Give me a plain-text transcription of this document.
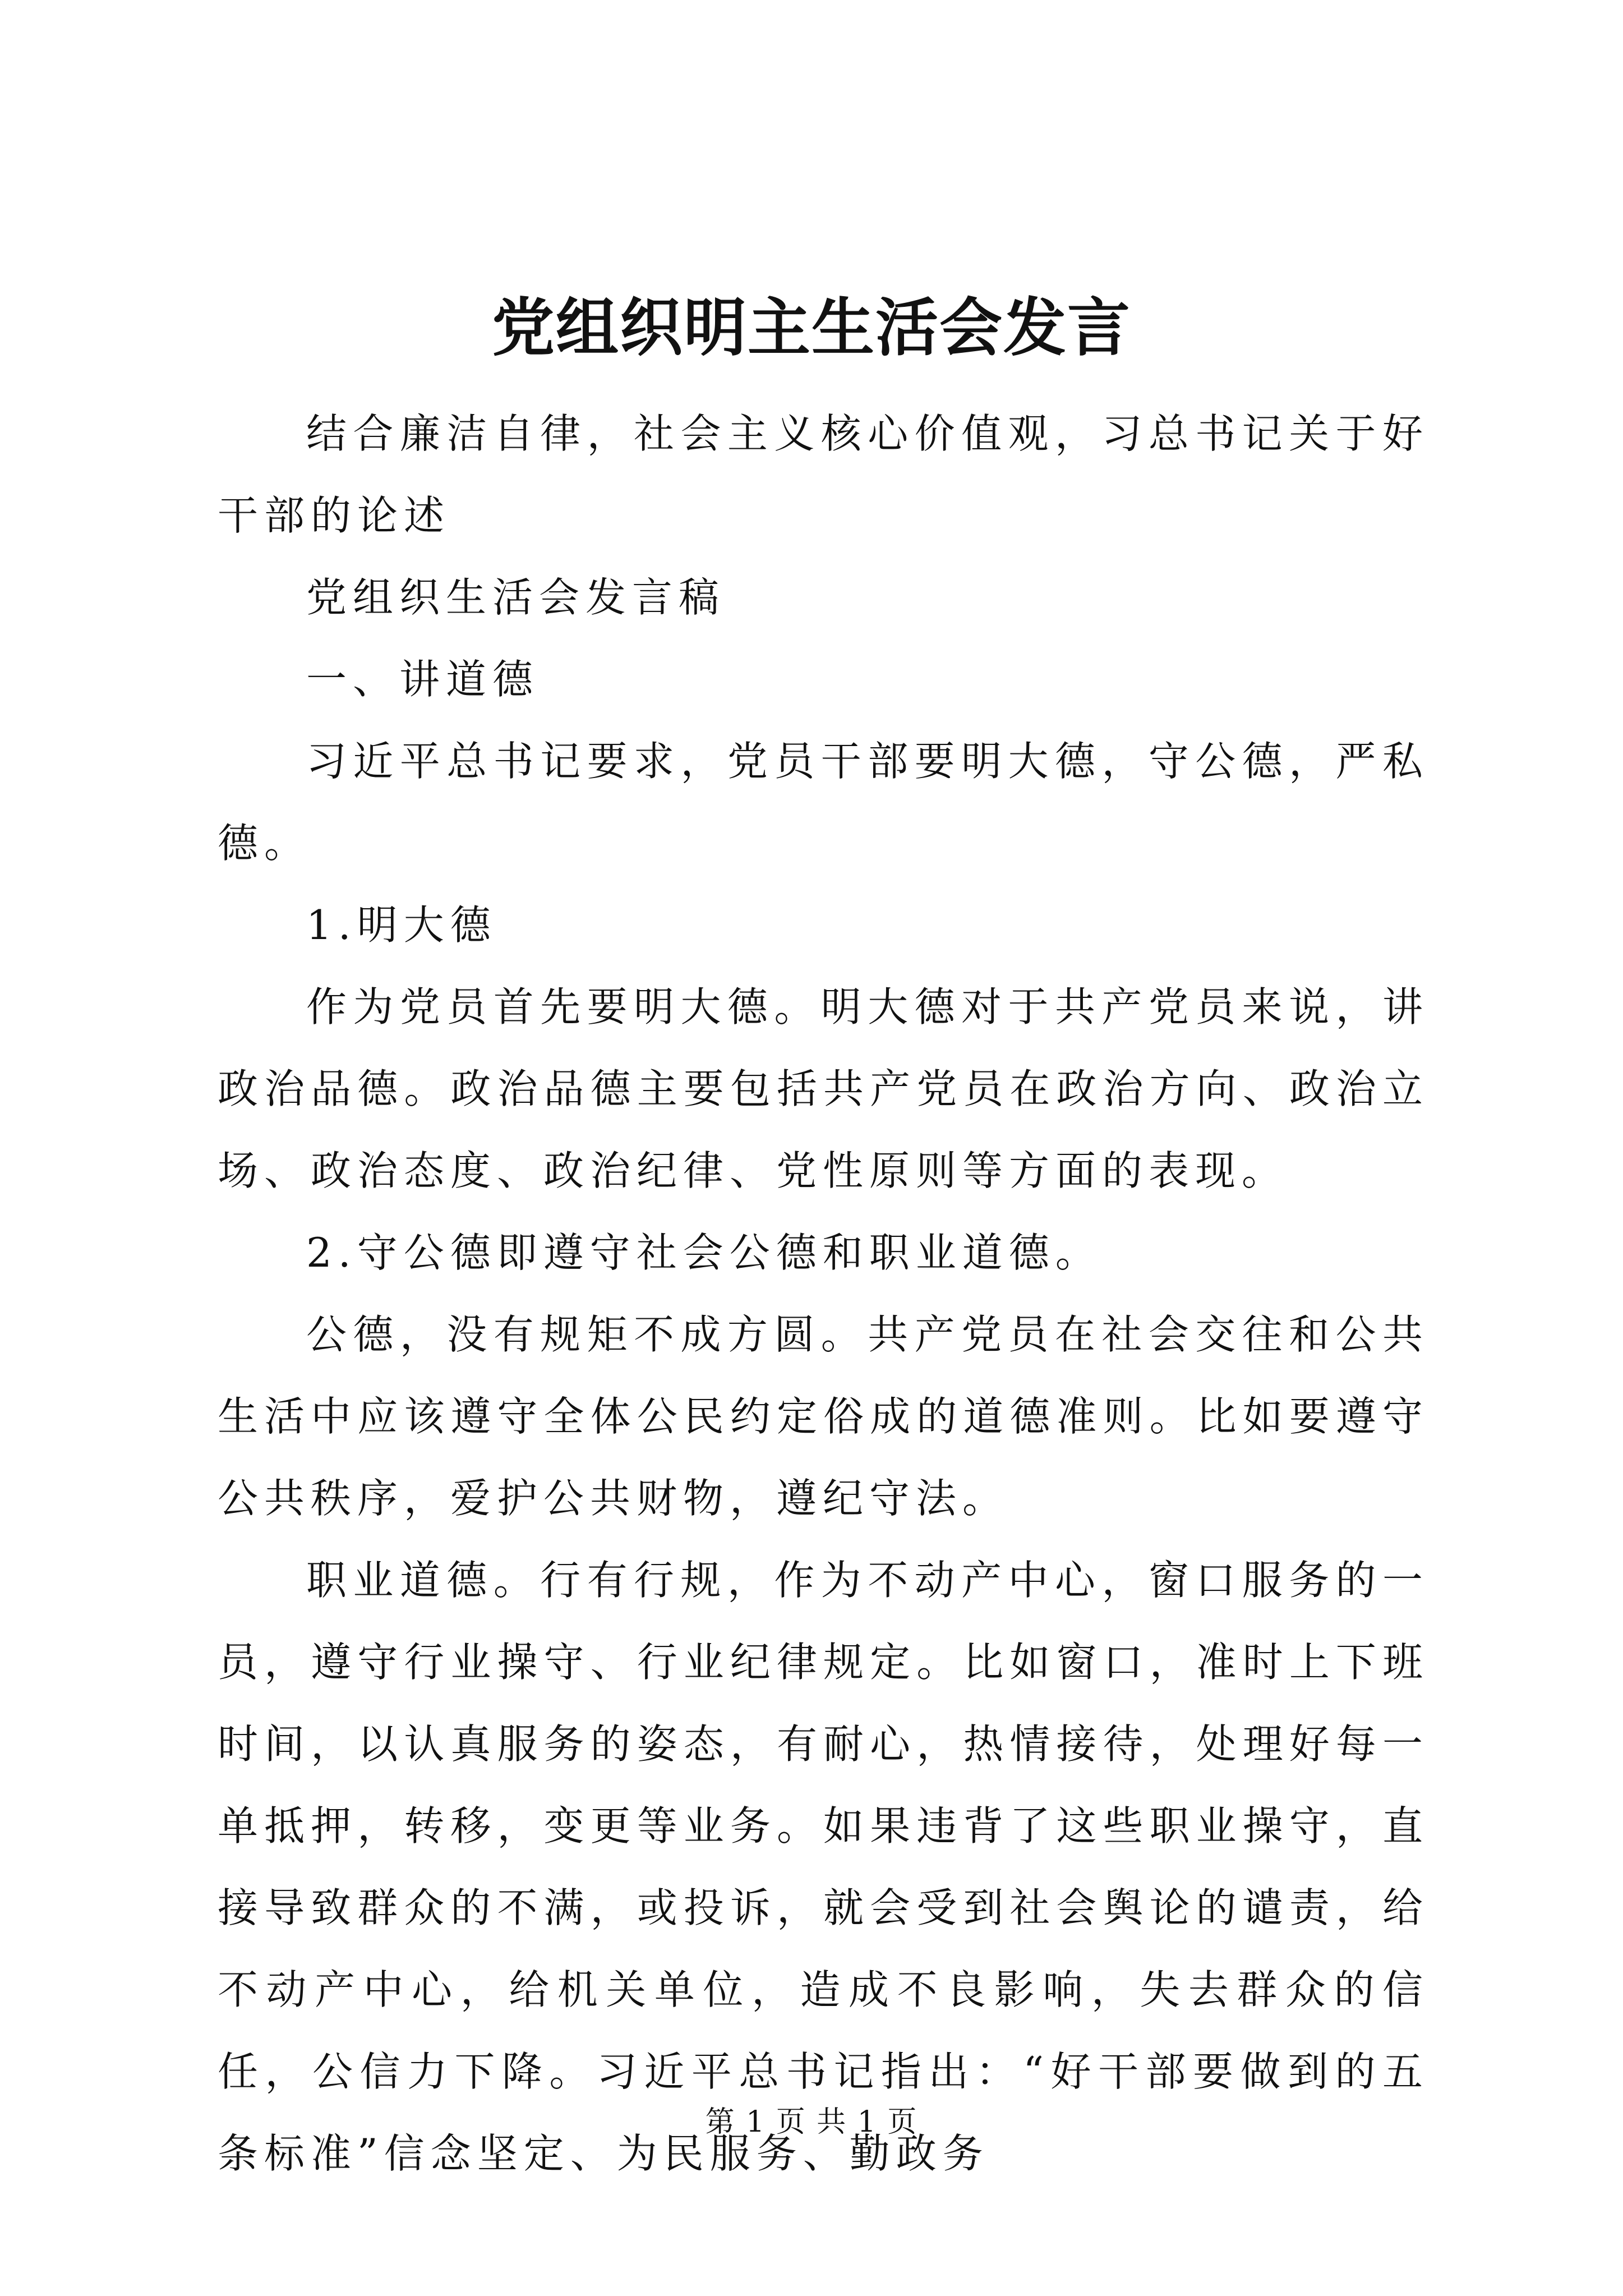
党组织明主生活会发言

结合廉洁自律，社会主义核心价值观，习总书记关于好干部的论述

党组织生活会发言稿

一、讲道德

习近平总书记要求，党员干部要明大德，守公德，严私德。

1.明大德

作为党员首先要明大德。明大德对于共产党员来说，讲政治品德。政治品德主要包括共产党员在政治方向、政治立场、政治态度、政治纪律、党性原则等方面的表现。

2.守公德即遵守社会公德和职业道德。

公德，没有规矩不成方圆。共产党员在社会交往和公共生活中应该遵守全体公民约定俗成的道德准则。比如要遵守公共秩序，爱护公共财物，遵纪守法。

职业道德。行有行规，作为不动产中心，窗口服务的一员，遵守行业操守、行业纪律规定。比如窗口，准时上下班时间，以认真服务的姿态，有耐心，热情接待，处理好每一单抵押，转移，变更等业务。如果违背了这些职业操守，直接导致群众的不满，或投诉，就会受到社会舆论的谴责，给不动产中心，给机关单位，造成不良影响，失去群众的信任，公信力下降。习近平总书记指出：“好干部要做到的五条标准”信念坚定、为民服务、勤政务

第 1 页 共 1 页
